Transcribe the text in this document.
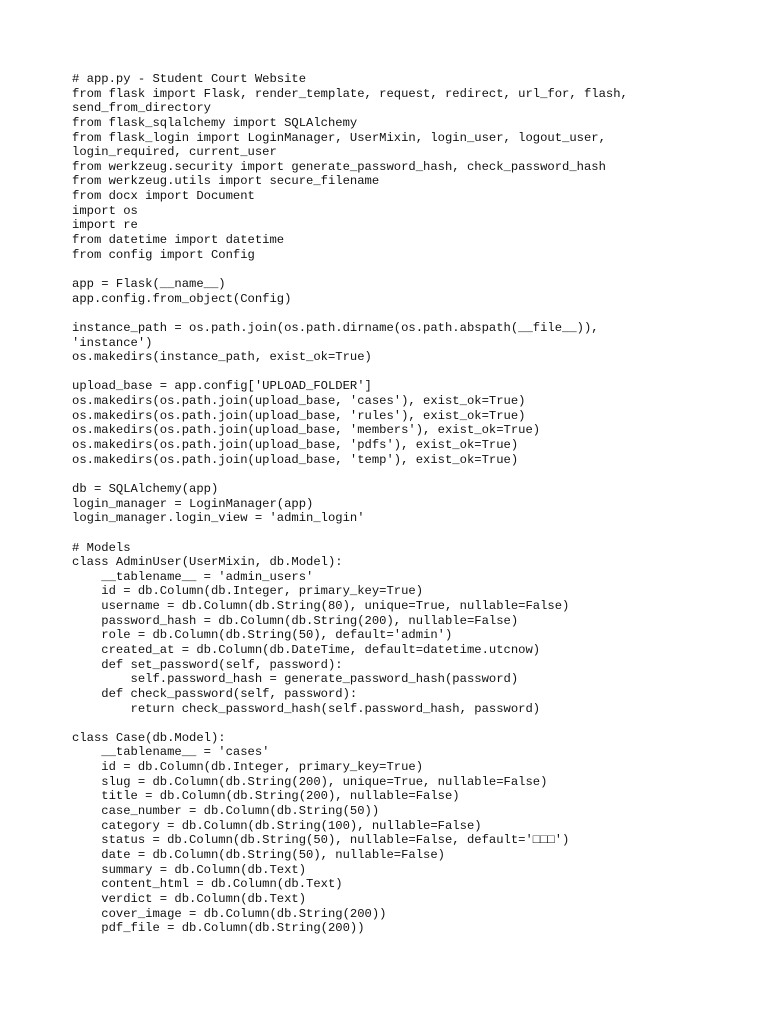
# app.py - Student Court Website
from flask import Flask, render_template, request, redirect, url_for, flash,
send_from_directory
from flask_sqlalchemy import SQLAlchemy
from flask_login import LoginManager, UserMixin, login_user, logout_user,
login_required, current_user
from werkzeug.security import generate_password_hash, check_password_hash
from werkzeug.utils import secure_filename
from docx import Document
import os
import re
from datetime import datetime
from config import Config
app = Flask(__name__)
app.config.from_object(Config)
instance_path = os.path.join(os.path.dirname(os.path.abspath(__file__)),
'instance')
os.makedirs(instance_path, exist_ok=True)
upload_base = app.config['UPLOAD_FOLDER']
os.makedirs(os.path.join(upload_base, 'cases'), exist_ok=True)
os.makedirs(os.path.join(upload_base, 'rules'), exist_ok=True)
os.makedirs(os.path.join(upload_base, 'members'), exist_ok=True)
os.makedirs(os.path.join(upload_base, 'pdfs'), exist_ok=True)
os.makedirs(os.path.join(upload_base, 'temp'), exist_ok=True)
db = SQLAlchemy(app)
login_manager = LoginManager(app)
login_manager.login_view = 'admin_login'
# Models
class AdminUser(UserMixin, db.Model):
__tablename__ = 'admin_users'
id = db.Column(db.Integer, primary_key=True)
username = db.Column(db.String(80), unique=True, nullable=False)
password_hash = db.Column(db.String(200), nullable=False)
role = db.Column(db.String(50), default='admin')
created_at = db.Column(db.DateTime, default=datetime.utcnow)
def set_password(self, password):
self.password_hash = generate_password_hash(password)
def check_password(self, password):
return check_password_hash(self.password_hash, password)
class Case(db.Model):
__tablename__ = 'cases'
id = db.Column(db.Integer, primary_key=True)
slug = db.Column(db.String(200), unique=True, nullable=False)
title = db.Column(db.String(200), nullable=False)
case_number = db.Column(db.String(50))
category = db.Column(db.String(100), nullable=False)
status = db.Column(db.String(50), nullable=False, default='□□□')
date = db.Column(db.String(50), nullable=False)
summary = db.Column(db.Text)
content_html = db.Column(db.Text)
verdict = db.Column(db.Text)
cover_image = db.Column(db.String(200))
pdf_file = db.Column(db.String(200))
